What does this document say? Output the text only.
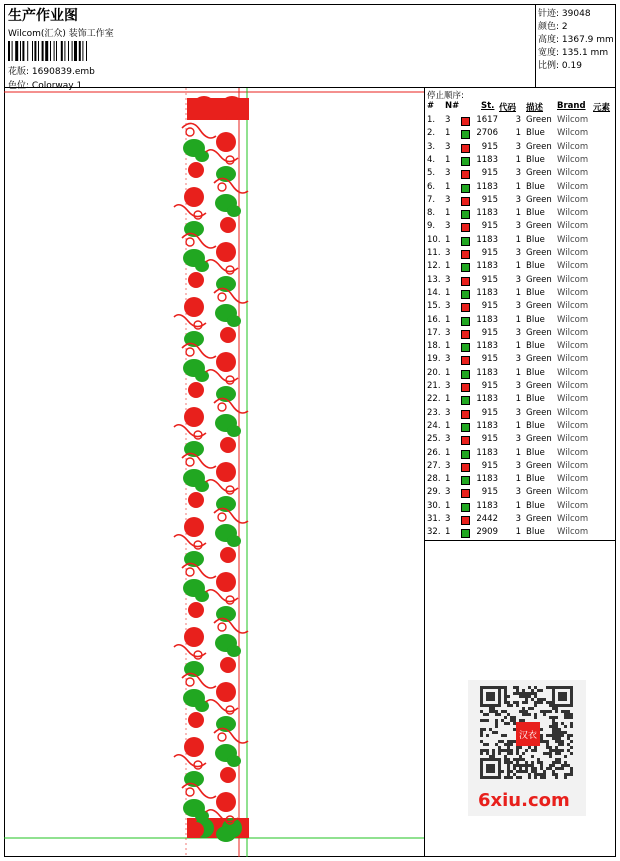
生产作业图
Wilcom(汇众) 装饰工作室
花版: 1690839.emb
色位: Colorway 1
针迹: 39048
颜色: 2
高度: 1367.9 mm
宽度: 135.1 mm
比例: 0.19
停止顺序:
# N#	St. 代码 描述 Brand 元素
1. 3	1617	3 Green Wilcom
2. 1	2706	1 Blue Wilcom
3. 3	915	3 Green Wilcom
4. 1	1183	1 Blue Wilcom
5. 3	915	3 Green Wilcom
6. 1	1183	1 Blue Wilcom
7. 3	915	3 Green Wilcom
8. 1	1183	1 Blue Wilcom
9. 3	915	3 Green Wilcom
10. 1	1183	1 Blue Wilcom
11. 3	915	3 Green Wilcom
12. 1	1183	1 Blue Wilcom
13. 3	915	3 Green Wilcom
14. 1	1183	1 Blue Wilcom
15. 3	915	3 Green Wilcom
16. 1	1183	1 Blue Wilcom
17. 3	915	3 Green Wilcom
18. 1	1183	1 Blue Wilcom
19. 3	915	3 Green Wilcom
20. 1	1183	1 Blue Wilcom
21. 3	915	3 Green Wilcom
22. 1	1183	1 Blue Wilcom
23. 3	915	3 Green Wilcom
24. 1	1183	1 Blue Wilcom
25. 3	915	3 Green Wilcom
26. 1	1183	1 Blue Wilcom
27. 3	915	3 Green Wilcom
28. 1	1183	1 Blue Wilcom
29. 3	915	3 Green Wilcom
30. 1	1183	1 Blue Wilcom
31. 3	2442	3 Green Wilcom
32. 1	2909	1 Blue Wilcom
汉衣
6xiu.com
